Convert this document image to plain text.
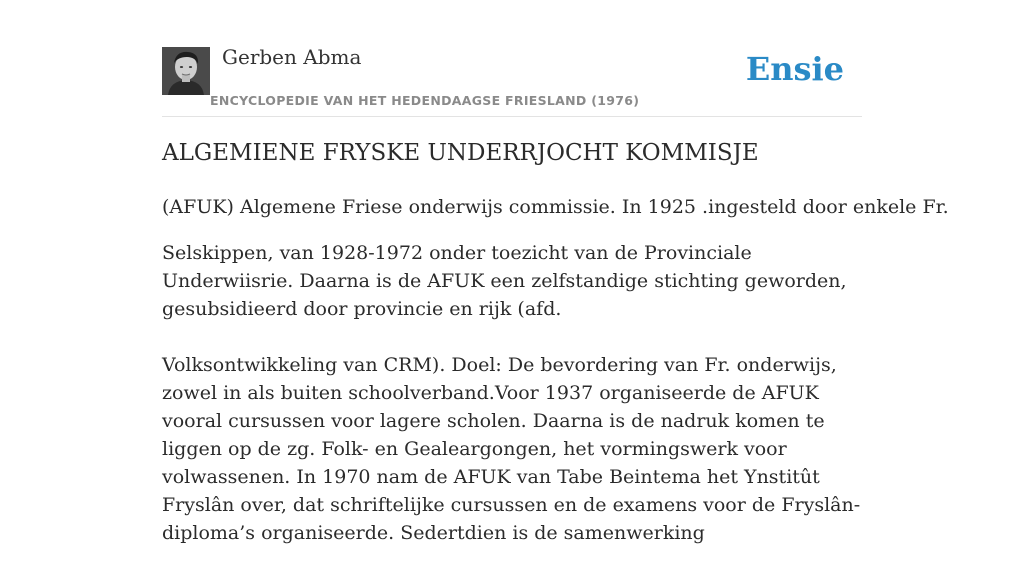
Gerben Abma
ENCYCLOPEDIE VAN HET HEDENDAAGSE FRIESLAND (1976)
Ensie
ALGEMIENE FRYSKE UNDERRJOCHT KOMMISJE

(AFUK) Algemene Friese onderwijs commissie. In 1925 .ingesteld door enkele Fr.

Selskippen, van 1928-1972 onder toezicht van de Provinciale Underwiisrie. Daarna is de AFUK een zelfstandige stichting geworden, gesubsidieerd door provincie en rijk (afd.

Volksontwikkeling van CRM). Doel: De bevordering van Fr. onderwijs, zowel in als buiten schoolverband.Voor 1937 organiseerde de AFUK vooral cursussen voor lagere scholen. Daarna is de nadruk komen te liggen op de zg. Folk- en Gealeargongen, het vormingswerk voor volwassenen. In 1970 nam de AFUK van Tabe Beintema het Ynstitût Fryslân over, dat schriftelijke cursussen en de examens voor de Fryslân-diploma’s organiseerde. Sedertdien is de samenwerking
